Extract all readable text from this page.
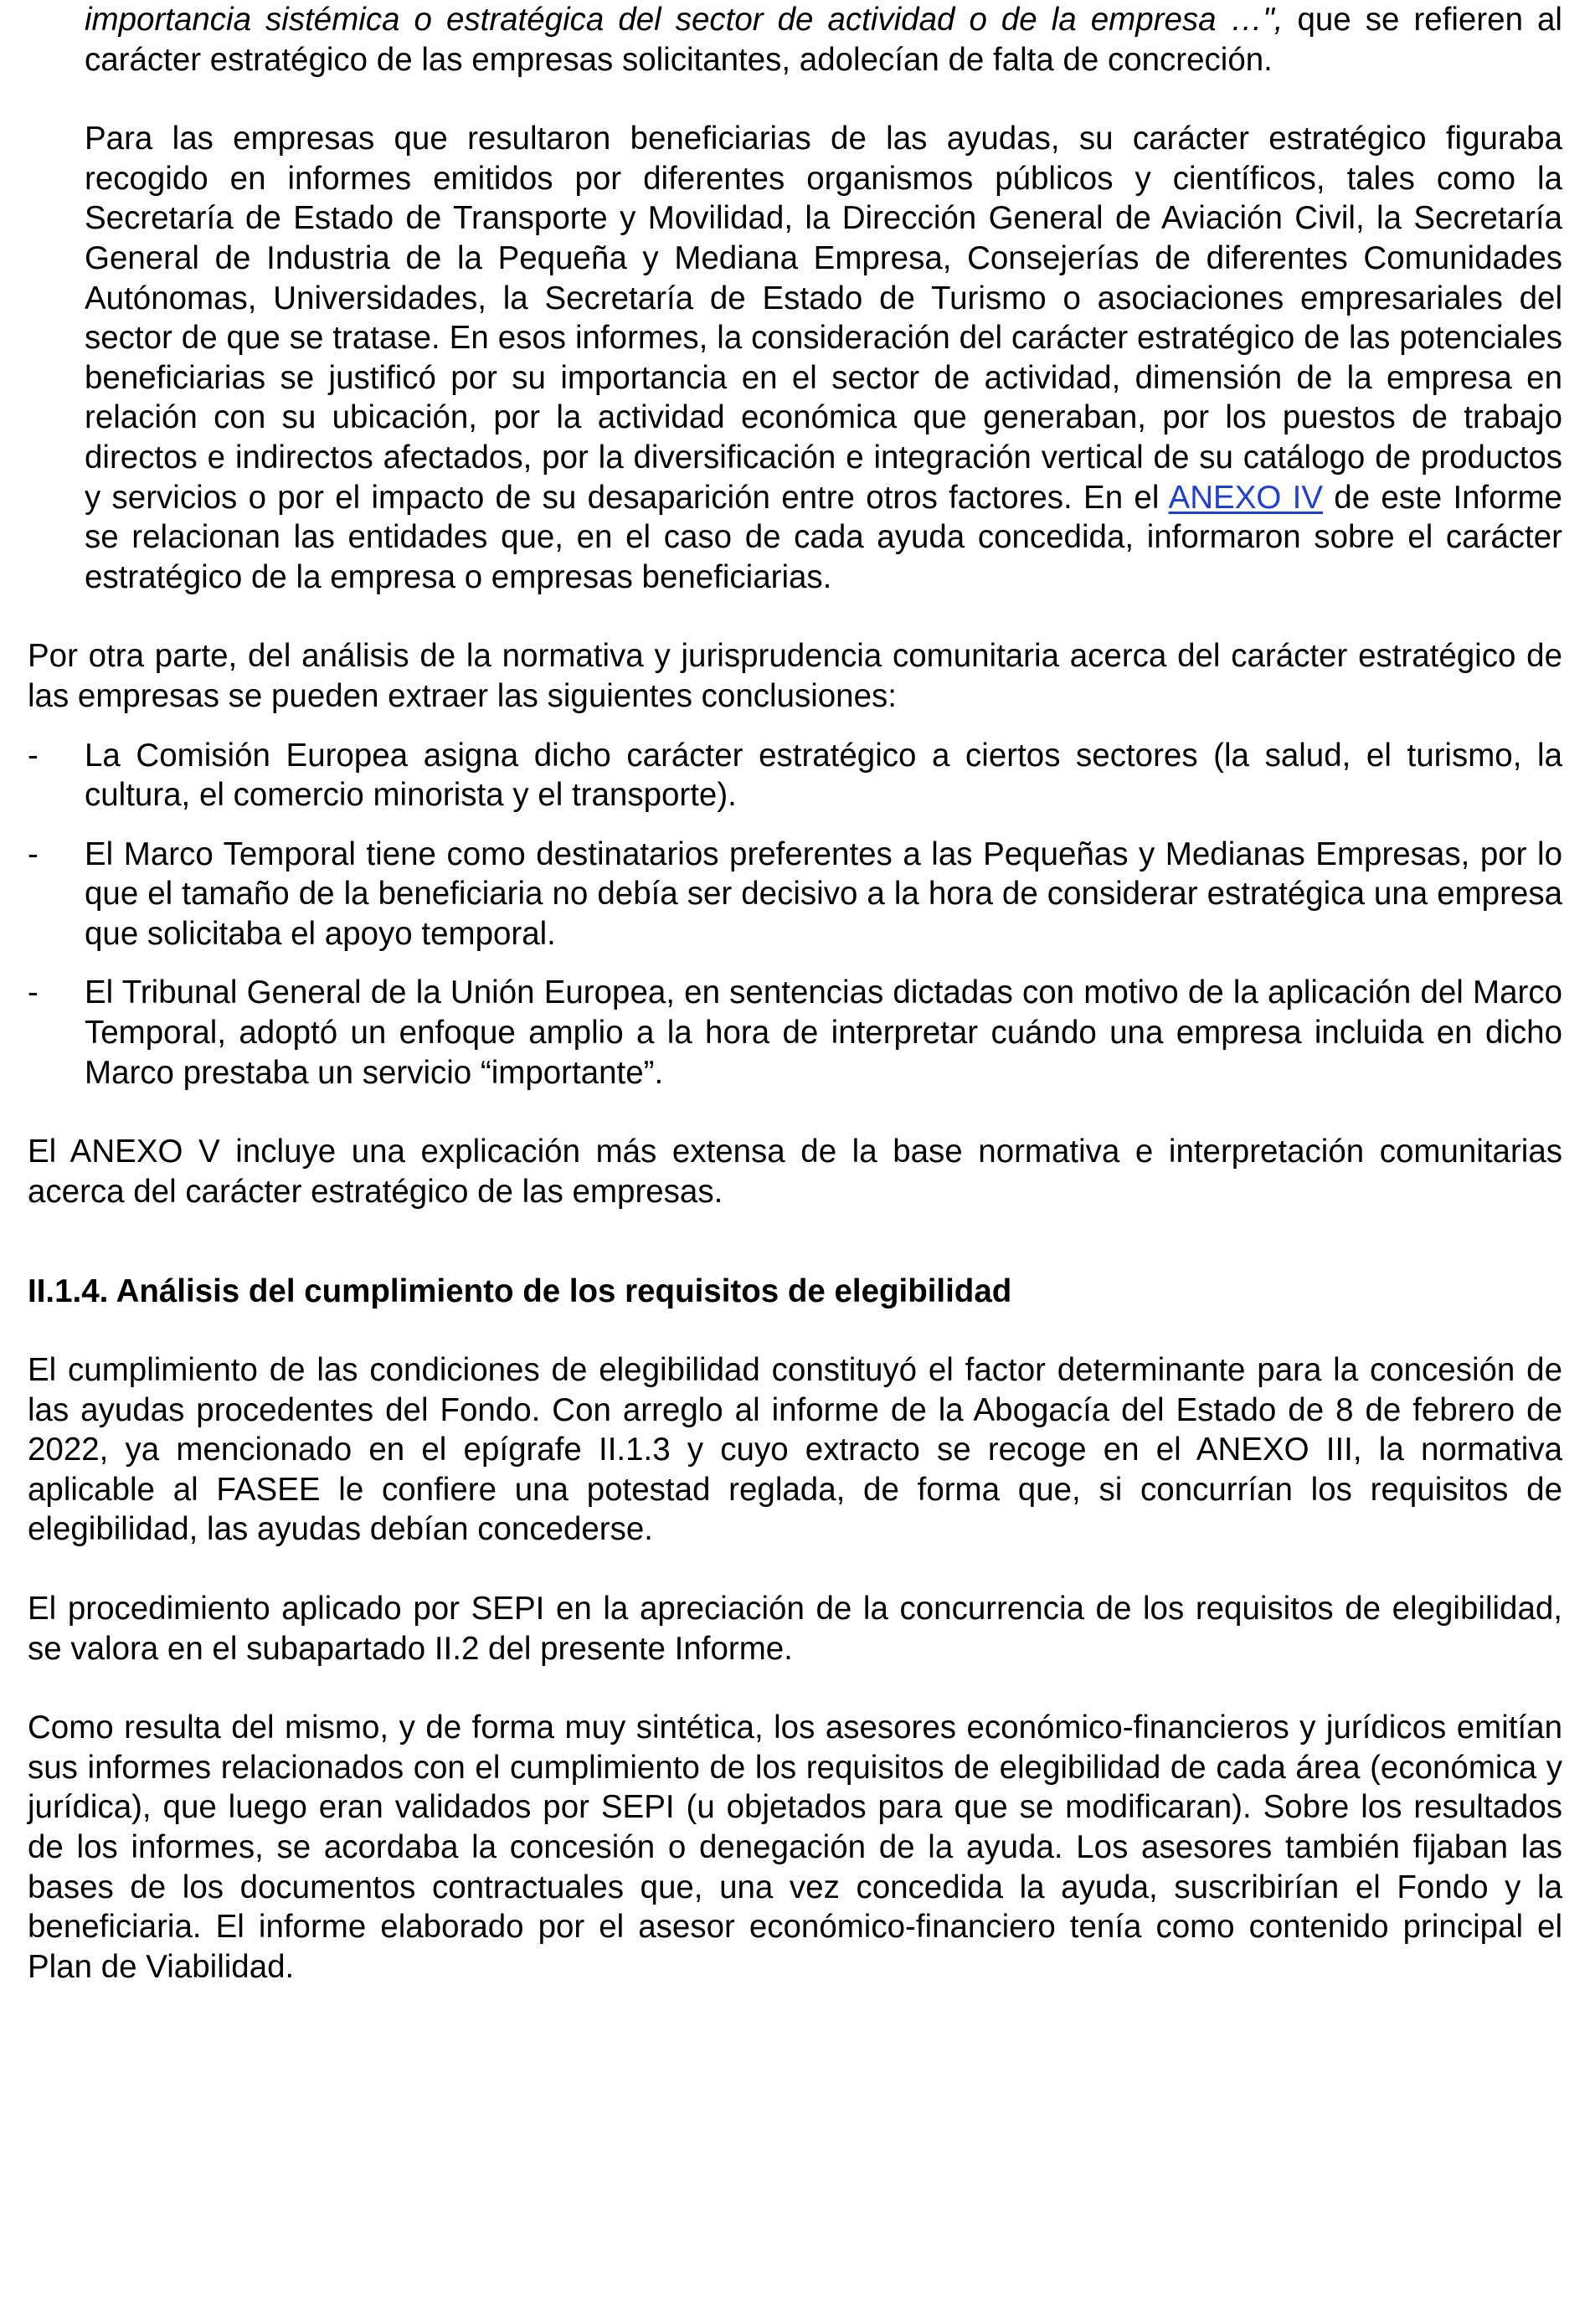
importancia sistémica o estratégica del sector de actividad o de la empresa …", que se refieren al carácter estratégico de las empresas solicitantes, adolecían de falta de concreción.

Para las empresas que resultaron beneficiarias de las ayudas, su carácter estratégico figuraba recogido en informes emitidos por diferentes organismos públicos y científicos, tales como la Secretaría de Estado de Transporte y Movilidad, la Dirección General de Aviación Civil, la Secretaría General de Industria de la Pequeña y Mediana Empresa, Consejerías de diferentes Comunidades Autónomas, Universidades, la Secretaría de Estado de Turismo o asociaciones empresariales del sector de que se tratase. En esos informes, la consideración del carácter estratégico de las potenciales beneficiarias se justificó por su importancia en el sector de actividad, dimensión de la empresa en relación con su ubicación, por la actividad económica que generaban, por los puestos de trabajo directos e indirectos afectados, por la diversificación e integración vertical de su catálogo de productos y servicios o por el impacto de su desaparición entre otros factores. En el ANEXO IV de este Informe se relacionan las entidades que, en el caso de cada ayuda concedida, informaron sobre el carácter estratégico de la empresa o empresas beneficiarias.

Por otra parte, del análisis de la normativa y jurisprudencia comunitaria acerca del carácter estratégico de las empresas se pueden extraer las siguientes conclusiones:

- La Comisión Europea asigna dicho carácter estratégico a ciertos sectores (la salud, el turismo, la cultura, el comercio minorista y el transporte).

- El Marco Temporal tiene como destinatarios preferentes a las Pequeñas y Medianas Empresas, por lo que el tamaño de la beneficiaria no debía ser decisivo a la hora de considerar estratégica una empresa que solicitaba el apoyo temporal.

- El Tribunal General de la Unión Europea, en sentencias dictadas con motivo de la aplicación del Marco Temporal, adoptó un enfoque amplio a la hora de interpretar cuándo una empresa incluida en dicho Marco prestaba un servicio “importante”.

El ANEXO V incluye una explicación más extensa de la base normativa e interpretación comunitarias acerca del carácter estratégico de las empresas.

II.1.4. Análisis del cumplimiento de los requisitos de elegibilidad

El cumplimiento de las condiciones de elegibilidad constituyó el factor determinante para la concesión de las ayudas procedentes del Fondo. Con arreglo al informe de la Abogacía del Estado de 8 de febrero de 2022, ya mencionado en el epígrafe II.1.3 y cuyo extracto se recoge en el ANEXO III, la normativa aplicable al FASEE le confiere una potestad reglada, de forma que, si concurrían los requisitos de elegibilidad, las ayudas debían concederse.

El procedimiento aplicado por SEPI en la apreciación de la concurrencia de los requisitos de elegibilidad, se valora en el subapartado II.2 del presente Informe.

Como resulta del mismo, y de forma muy sintética, los asesores económico-financieros y jurídicos emitían sus informes relacionados con el cumplimiento de los requisitos de elegibilidad de cada área (económica y jurídica), que luego eran validados por SEPI (u objetados para que se modificaran). Sobre los resultados de los informes, se acordaba la concesión o denegación de la ayuda. Los asesores también fijaban las bases de los documentos contractuales que, una vez concedida la ayuda, suscribirían el Fondo y la beneficiaria. El informe elaborado por el asesor económico-financiero tenía como contenido principal el Plan de Viabilidad.
